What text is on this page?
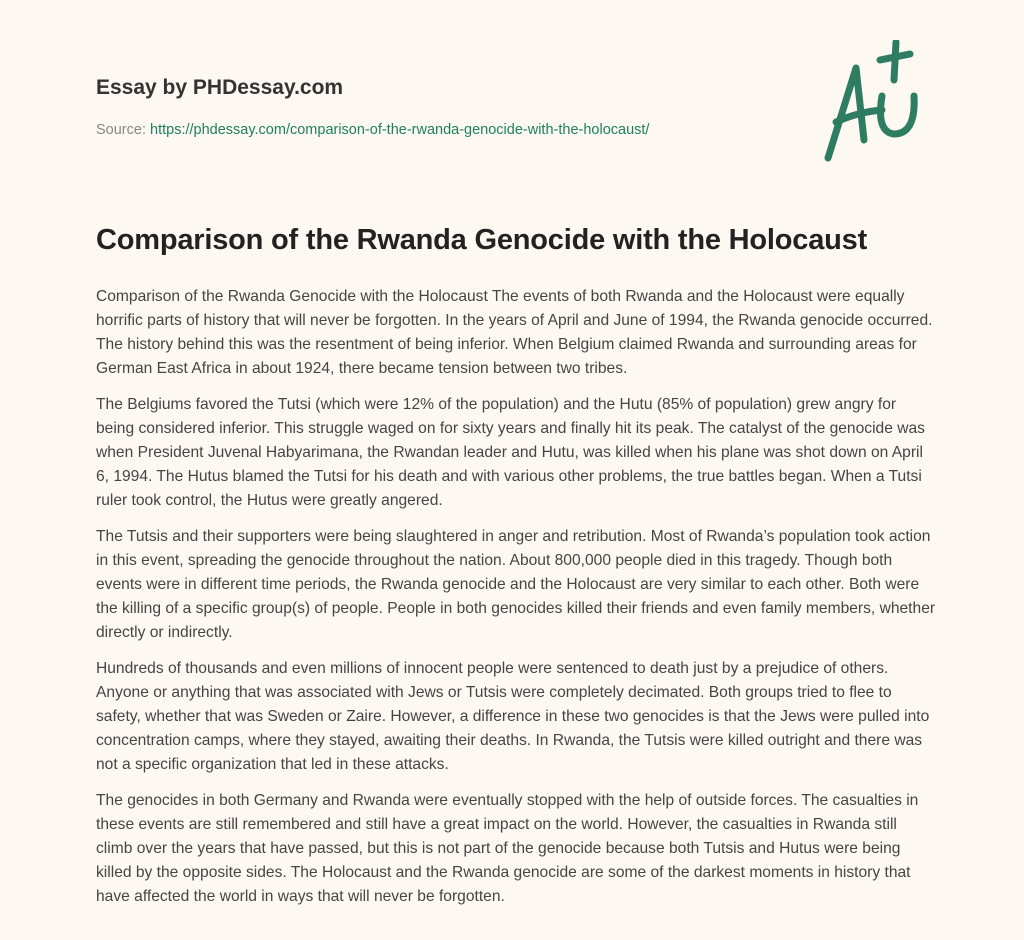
Essay by PHDessay.com
Source: https://phdessay.com/comparison-of-the-rwanda-genocide-with-the-holocaust/
Comparison of the Rwanda Genocide with the Holocaust

Comparison of the Rwanda Genocide with the Holocaust The events of both Rwanda and the Holocaust were equally horrific parts of history that will never be forgotten. In the years of April and June of 1994, the Rwanda genocide occurred. The history behind this was the resentment of being inferior. When Belgium claimed Rwanda and surrounding areas for German East Africa in about 1924, there became tension between two tribes.

The Belgiums favored the Tutsi (which were 12% of the population) and the Hutu (85% of population) grew angry for being considered inferior. This struggle waged on for sixty years and finally hit its peak. The catalyst of the genocide was when President Juvenal Habyarimana, the Rwandan leader and Hutu, was killed when his plane was shot down on April 6, 1994. The Hutus blamed the Tutsi for his death and with various other problems, the true battles began. When a Tutsi ruler took control, the Hutus were greatly angered.

The Tutsis and their supporters were being slaughtered in anger and retribution. Most of Rwanda’s population took action in this event, spreading the genocide throughout the nation. About 800,000 people died in this tragedy. Though both events were in different time periods, the Rwanda genocide and the Holocaust are very similar to each other. Both were the killing of a specific group(s) of people. People in both genocides killed their friends and even family members, whether directly or indirectly.

Hundreds of thousands and even millions of innocent people were sentenced to death just by a prejudice of others. Anyone or anything that was associated with Jews or Tutsis were completely decimated. Both groups tried to flee to safety, whether that was Sweden or Zaire. However, a difference in these two genocides is that the Jews were pulled into concentration camps, where they stayed, awaiting their deaths. In Rwanda, the Tutsis were killed outright and there was not a specific organization that led in these attacks.

The genocides in both Germany and Rwanda were eventually stopped with the help of outside forces. The casualties in these events are still remembered and still have a great impact on the world. However, the casualties in Rwanda still climb over the years that have passed, but this is not part of the genocide because both Tutsis and Hutus were being killed by the opposite sides. The Holocaust and the Rwanda genocide are some of the darkest moments in history that have affected the world in ways that will never be forgotten.
